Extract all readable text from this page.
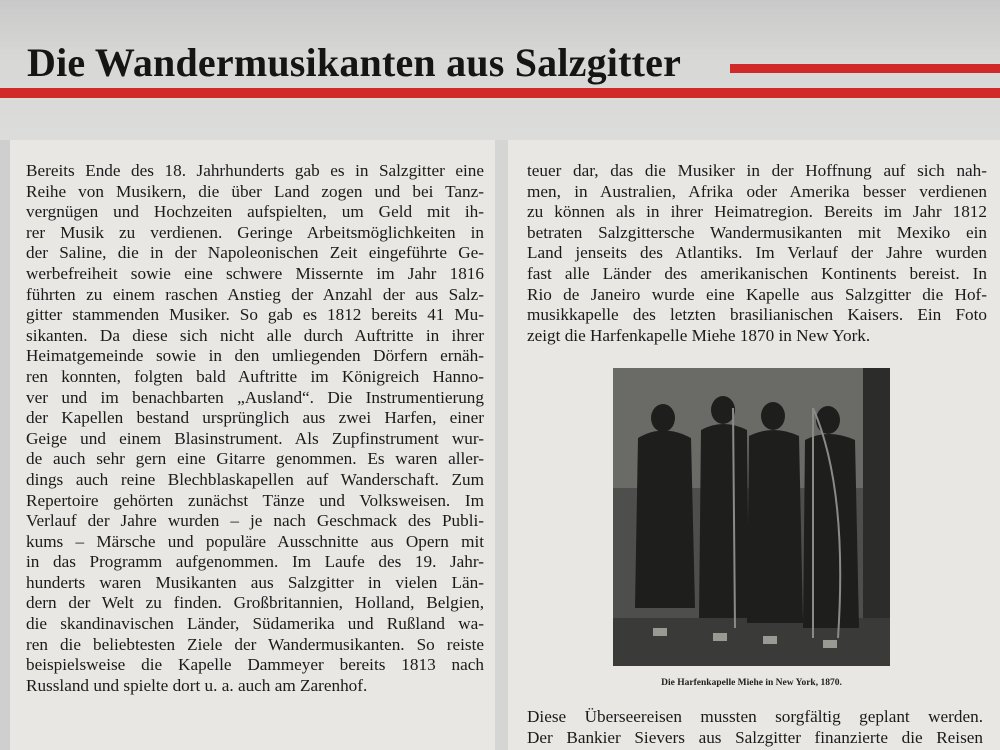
Die Wandermusikanten aus Salzgitter
Bereits Ende des 18. Jahrhunderts gab es in Salzgitter eine
Reihe von Musikern, die über Land zogen und bei Tanz-
vergnügen und Hochzeiten aufspielten, um Geld mit ih-
rer Musik zu verdienen. Geringe Arbeitsmöglichkeiten in
der Saline, die in der Napoleonischen Zeit eingeführte Ge-
werbefreiheit sowie eine schwere Missernte im Jahr 1816
führten zu einem raschen Anstieg der Anzahl der aus Salz-
gitter stammenden Musiker. So gab es 1812 bereits 41 Mu-
sikanten. Da diese sich nicht alle durch Auftritte in ihrer
Heimatgemeinde sowie in den umliegenden Dörfern ernäh-
ren konnten, folgten bald Auftritte im Königreich Hanno-
ver und im benachbarten „Ausland“. Die Instrumentierung
der Kapellen bestand ursprünglich aus zwei Harfen, einer
Geige und einem Blasinstrument. Als Zupfinstrument wur-
de auch sehr gern eine Gitarre genommen. Es waren aller-
dings auch reine Blechblaskapellen auf Wanderschaft. Zum
Repertoire gehörten zunächst Tänze und Volksweisen. Im
Verlauf der Jahre wurden – je nach Geschmack des Publi-
kums – Märsche und populäre Ausschnitte aus Opern mit
in das Programm aufgenommen. Im Laufe des 19. Jahr-
hunderts waren Musikanten aus Salzgitter in vielen Län-
dern der Welt zu finden. Großbritannien, Holland, Belgien,
die skandinavischen Länder, Südamerika und Rußland wa-
ren die beliebtesten Ziele der Wandermusikanten. So reiste
beispielsweise die Kapelle Dammeyer bereits 1813 nach
Russland und spielte dort u. a. auch am Zarenhof.
teuer dar, das die Musiker in der Hoffnung auf sich nah-
men, in Australien, Afrika oder Amerika besser verdienen
zu können als in ihrer Heimatregion. Bereits im Jahr 1812
betraten Salzgittersche Wandermusikanten mit Mexiko ein
Land jenseits des Atlantiks. Im Verlauf der Jahre wurden
fast alle Länder des amerikanischen Kontinents bereist. In
Rio de Janeiro wurde eine Kapelle aus Salzgitter die Hof-
musikkapelle des letzten brasilianischen Kaisers. Ein Foto
zeigt die Harfenkapelle Miehe 1870 in New York.
Die Harfenkapelle Miehe in New York, 1870.
Diese Überseereisen mussten sorgfältig geplant werden.
Der Bankier Sievers aus Salzgitter finanzierte die Reisen
